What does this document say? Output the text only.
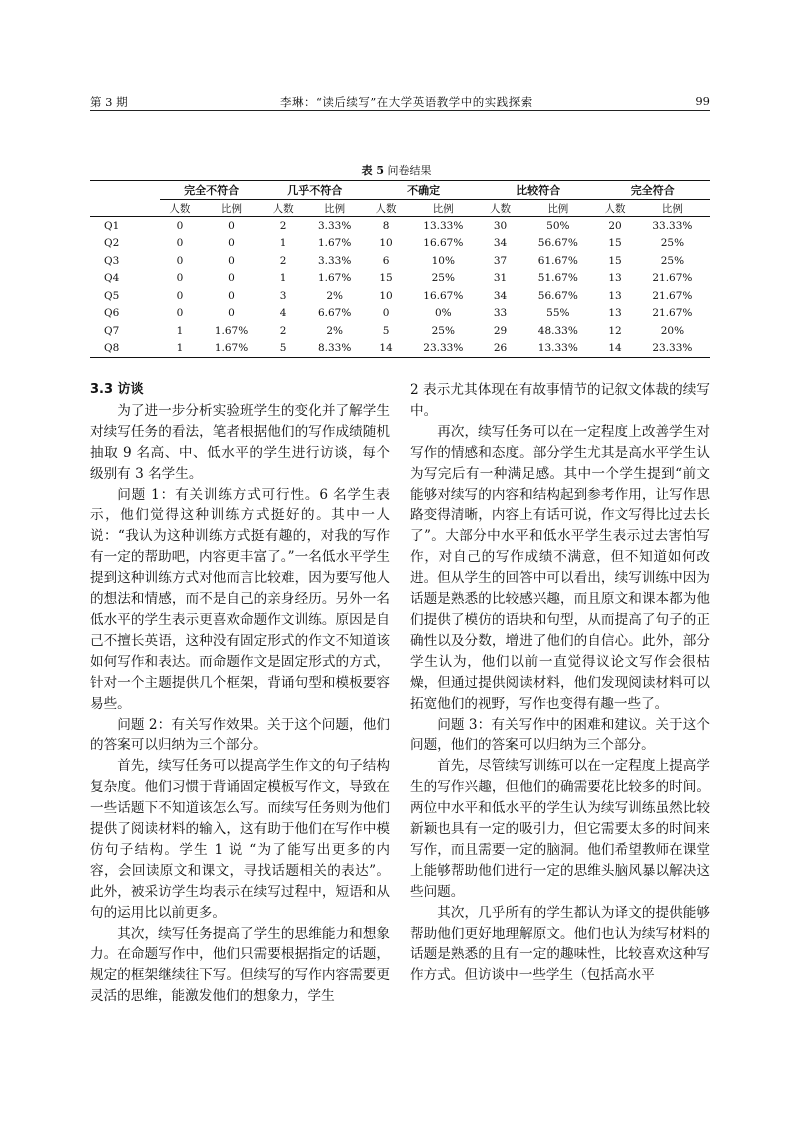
第 3 期	李琳：“读后续写”在大学英语教学中的实践探索	99
表 5 问卷结果
	完全不符合		几乎不符合		不确定		比较符合		完全符合	
	人数	比例	人数	比例	人数	比例	人数	比例	人数	比例
Q1	0	0	2	3.33%	8	13.33%	30	50%	20	33.33%
Q2	0	0	1	1.67%	10	16.67%	34	56.67%	15	25%
Q3	0	0	2	3.33%	6	10%	37	61.67%	15	25%
Q4	0	0	1	1.67%	15	25%	31	51.67%	13	21.67%
Q5	0	0	3	2%	10	16.67%	34	56.67%	13	21.67%
Q6	0	0	4	6.67%	0	0%	33	55%	13	21.67%
Q7	1	1.67%	2	2%	5	25%	29	48.33%	12	20%
Q8	1	1.67%	5	8.33%	14	23.33%	26	13.33%	14	23.33%
3.3 访谈

为了进一步分析实验班学生的变化并了解学生对续写任务的看法，笔者根据他们的写作成绩随机抽取 9 名高、中、低水平的学生进行访谈，每个级别有 3 名学生。

问题 1：有关训练方式可行性。6 名学生表示，他们觉得这种训练方式挺好的。其中一人说：“我认为这种训练方式挺有趣的，对我的写作有一定的帮助吧，内容更丰富了。”一名低水平学生提到这种训练方式对他而言比较难，因为要写他人的想法和情感，而不是自己的亲身经历。另外一名低水平的学生表示更喜欢命题作文训练。原因是自己不擅长英语，这种没有固定形式的作文不知道该如何写作和表达。而命题作文是固定形式的方式，针对一个主题提供几个框架，背诵句型和模板要容易些。

问题 2：有关写作效果。关于这个问题，他们的答案可以归纳为三个部分。

首先，续写任务可以提高学生作文的句子结构复杂度。他们习惯于背诵固定模板写作文，导致在一些话题下不知道该怎么写。而续写任务则为他们提供了阅读材料的输入，这有助于他们在写作中模仿句子结构。学生 1 说 “为了能写出更多的内容，会回读原文和课文，寻找话题相关的表达”。此外，被采访学生均表示在续写过程中，短语和从句的运用比以前更多。

其次，续写任务提高了学生的思维能力和想象力。在命题写作中，他们只需要根据指定的话题，规定的框架继续往下写。但续写的写作内容需要更灵活的思维，能激发他们的想象力，学生

2 表示尤其体现在有故事情节的记叙文体裁的续写中。

再次，续写任务可以在一定程度上改善学生对写作的情感和态度。部分学生尤其是高水平学生认为写完后有一种满足感。其中一个学生提到“前文能够对续写的内容和结构起到参考作用，让写作思路变得清晰，内容上有话可说，作文写得比过去长了”。大部分中水平和低水平学生表示过去害怕写作，对自己的写作成绩不满意，但不知道如何改进。但从学生的回答中可以看出，续写训练中因为话题是熟悉的比较感兴趣，而且原文和课本都为他们提供了模仿的语块和句型，从而提高了句子的正确性以及分数，增进了他们的自信心。此外，部分学生认为，他们以前一直觉得议论文写作会很枯燥，但通过提供阅读材料，他们发现阅读材料可以拓宽他们的视野，写作也变得有趣一些了。

问题 3：有关写作中的困难和建议。关于这个问题，他们的答案可以归纳为三个部分。

首先，尽管续写训练可以在一定程度上提高学生的写作兴趣，但他们的确需要花比较多的时间。两位中水平和低水平的学生认为续写训练虽然比较新颖也具有一定的吸引力，但它需要太多的时间来写作，而且需要一定的脑洞。他们希望教师在课堂上能够帮助他们进行一定的思维头脑风暴以解决这些问题。

其次，几乎所有的学生都认为译文的提供能够帮助他们更好地理解原文。他们也认为续写材料的话题是熟悉的且有一定的趣味性，比较喜欢这种写作方式。但访谈中一些学生（包括高水平
